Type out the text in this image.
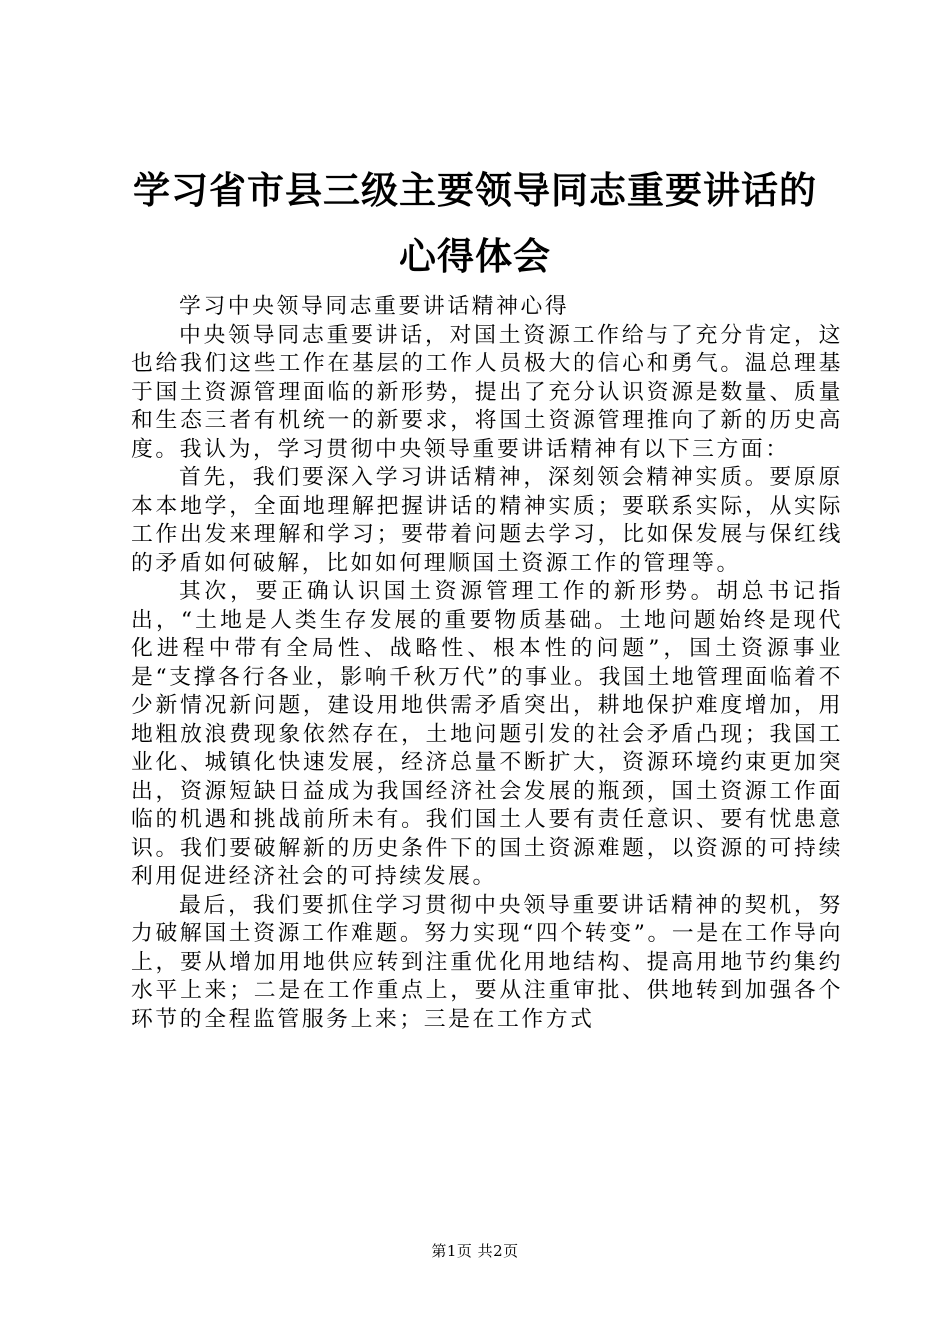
学习省市县三级主要领导同志重要讲话的心得体会

学习中央领导同志重要讲话精神心得

中央领导同志重要讲话，对国土资源工作给与了充分肯定，这也给我们这些工作在基层的工作人员极大的信心和勇气。温总理基于国土资源管理面临的新形势，提出了充分认识资源是数量、质量和生态三者有机统一的新要求，将国土资源管理推向了新的历史高度。我认为，学习贯彻中央领导重要讲话精神有以下三方面：

首先，我们要深入学习讲话精神，深刻领会精神实质。要原原本本地学，全面地理解把握讲话的精神实质；要联系实际，从实际工作出发来理解和学习；要带着问题去学习，比如保发展与保红线的矛盾如何破解，比如如何理顺国土资源工作的管理等。

其次，要正确认识国土资源管理工作的新形势。胡总书记指出，“土地是人类生存发展的重要物质基础。土地问题始终是现代化进程中带有全局性、战略性、根本性的问题”，国土资源事业是“支撑各行各业，影响千秋万代”的事业。我国土地管理面临着不少新情况新问题，建设用地供需矛盾突出，耕地保护难度增加，用地粗放浪费现象依然存在，土地问题引发的社会矛盾凸现；我国工业化、城镇化快速发展，经济总量不断扩大，资源环境约束更加突出，资源短缺日益成为我国经济社会发展的瓶颈，国土资源工作面临的机遇和挑战前所未有。我们国土人要有责任意识、要有忧患意识。我们要破解新的历史条件下的国土资源难题，以资源的可持续利用促进经济社会的可持续发展。

最后，我们要抓住学习贯彻中央领导重要讲话精神的契机，努力破解国土资源工作难题。努力实现“四个转变”。一是在工作导向上，要从增加用地供应转到注重优化用地结构、提高用地节约集约水平上来；二是在工作重点上，要从注重审批、供地转到加强各个环节的全程监管服务上来；三是在工作方式

第1页 共2页
